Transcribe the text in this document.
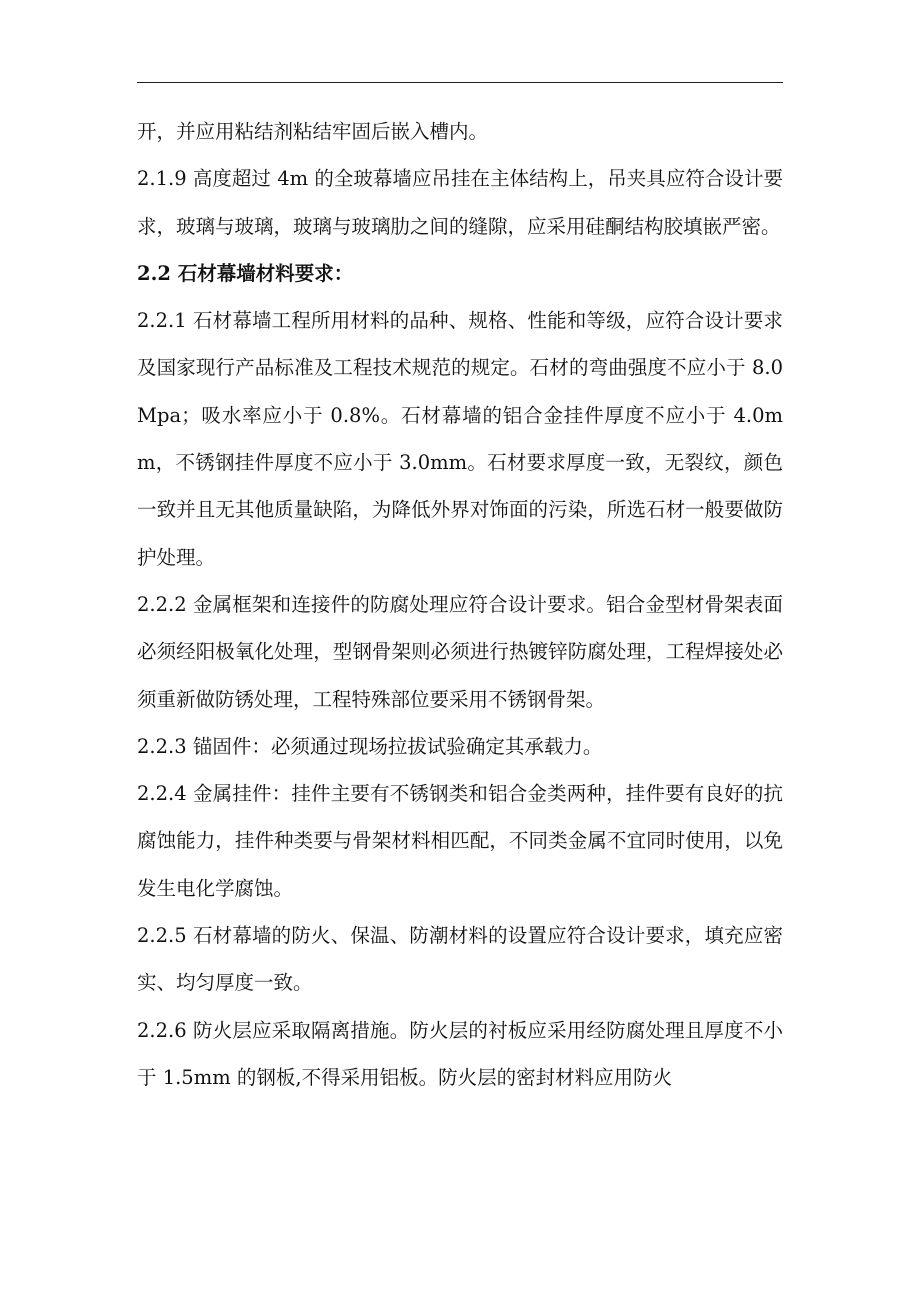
开，并应用粘结剂粘结牢固后嵌入槽内。

2.1.9 高度超过 4m 的全玻幕墙应吊挂在主体结构上，吊夹具应符合设计要求，玻璃与玻璃，玻璃与玻璃肋之间的缝隙，应采用硅酮结构胶填嵌严密。

2.2 石材幕墙材料要求：

2.2.1 石材幕墙工程所用材料的品种、规格、性能和等级，应符合设计要求及国家现行产品标准及工程技术规范的规定。石材的弯曲强度不应小于 8.0Mpa；吸水率应小于 0.8%。石材幕墙的铝合金挂件厚度不应小于 4.0mm，不锈钢挂件厚度不应小于 3.0mm。石材要求厚度一致，无裂纹，颜色一致并且无其他质量缺陷，为降低外界对饰面的污染，所选石材一般要做防护处理。

2.2.2 金属框架和连接件的防腐处理应符合设计要求。铝合金型材骨架表面必须经阳极氧化处理，型钢骨架则必须进行热镀锌防腐处理，工程焊接处必须重新做防锈处理，工程特殊部位要采用不锈钢骨架。

2.2.3 锚固件：必须通过现场拉拔试验确定其承载力。

2.2.4 金属挂件：挂件主要有不锈钢类和铝合金类两种，挂件要有良好的抗腐蚀能力，挂件种类要与骨架材料相匹配，不同类金属不宜同时使用，以免发生电化学腐蚀。

2.2.5 石材幕墙的防火、保温、防潮材料的设置应符合设计要求，填充应密实、均匀厚度一致。

2.2.6 防火层应采取隔离措施。防火层的衬板应采用经防腐处理且厚度不小于 1.5mm 的钢板,不得采用铝板。防火层的密封材料应用防火
